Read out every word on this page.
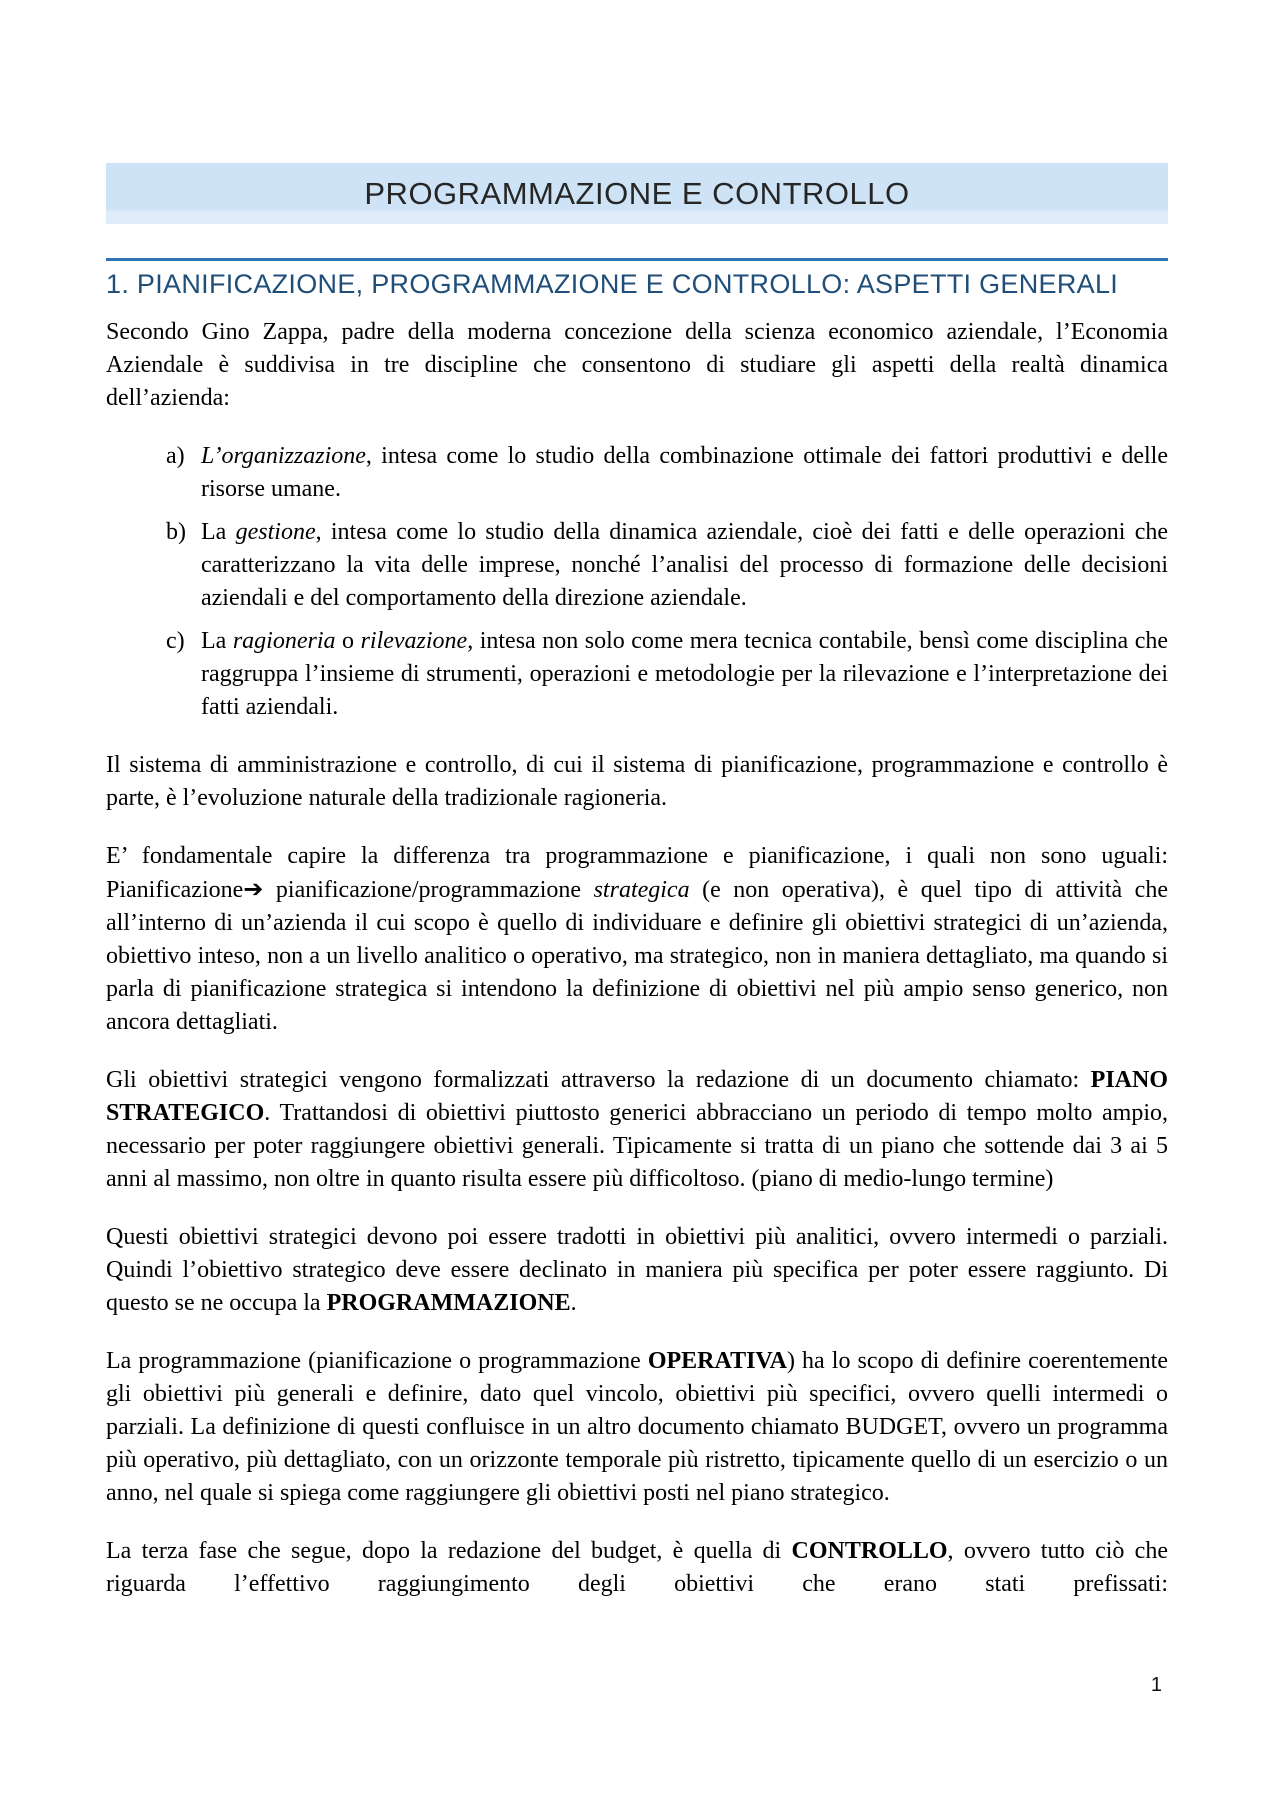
PROGRAMMAZIONE E CONTROLLO
1. PIANIFICAZIONE, PROGRAMMAZIONE E CONTROLLO: ASPETTI GENERALI

Secondo Gino Zappa, padre della moderna concezione della scienza economico aziendale, l’Economia Aziendale è suddivisa in tre discipline che consentono di studiare gli aspetti della realtà dinamica dell’azienda:

a) L’organizzazione, intesa come lo studio della combinazione ottimale dei fattori produttivi e delle risorse umane.
b) La gestione, intesa come lo studio della dinamica aziendale, cioè dei fatti e delle operazioni che caratterizzano la vita delle imprese, nonché l’analisi del processo di formazione delle decisioni aziendali e del comportamento della direzione aziendale.
c) La ragioneria o rilevazione, intesa non solo come mera tecnica contabile, bensì come disciplina che raggruppa l’insieme di strumenti, operazioni e metodologie per la rilevazione e l’interpretazione dei fatti aziendali.

Il sistema di amministrazione e controllo, di cui il sistema di pianificazione, programmazione e controllo è parte, è l’evoluzione naturale della tradizionale ragioneria.

E’ fondamentale capire la differenza tra programmazione e pianificazione, i quali non sono uguali: Pianificazione➔ pianificazione/programmazione strategica (e non operativa), è quel tipo di attività che all’interno di un’azienda il cui scopo è quello di individuare e definire gli obiettivi strategici di un’azienda, obiettivo inteso, non a un livello analitico o operativo, ma strategico, non in maniera dettagliato, ma quando si parla di pianificazione strategica si intendono la definizione di obiettivi nel più ampio senso generico, non ancora dettagliati.

Gli obiettivi strategici vengono formalizzati attraverso la redazione di un documento chiamato: PIANO STRATEGICO. Trattandosi di obiettivi piuttosto generici abbracciano un periodo di tempo molto ampio, necessario per poter raggiungere obiettivi generali. Tipicamente si tratta di un piano che sottende dai 3 ai 5 anni al massimo, non oltre in quanto risulta essere più difficoltoso. (piano di medio-lungo termine)

Questi obiettivi strategici devono poi essere tradotti in obiettivi più analitici, ovvero intermedi o parziali. Quindi l’obiettivo strategico deve essere declinato in maniera più specifica per poter essere raggiunto. Di questo se ne occupa la PROGRAMMAZIONE.

La programmazione (pianificazione o programmazione OPERATIVA) ha lo scopo di definire coerentemente gli obiettivi più generali e definire, dato quel vincolo, obiettivi più specifici, ovvero quelli intermedi o parziali. La definizione di questi confluisce in un altro documento chiamato BUDGET, ovvero un programma più operativo, più dettagliato, con un orizzonte temporale più ristretto, tipicamente quello di un esercizio o un anno, nel quale si spiega come raggiungere gli obiettivi posti nel piano strategico.

La terza fase che segue, dopo la redazione del budget, è quella di CONTROLLO, ovvero tutto ciò che riguarda l’effettivo raggiungimento degli obiettivi che erano stati prefissati:

1
